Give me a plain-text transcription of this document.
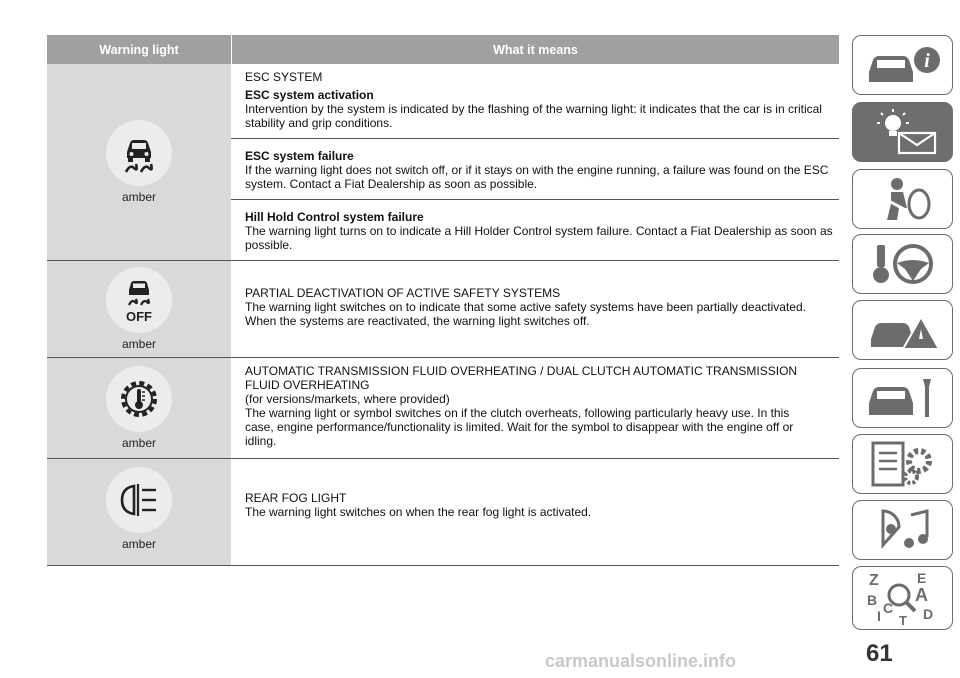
Warning light	What it means
amber
ESC SYSTEM
ESC system activation
Intervention by the system is indicated by the flashing of the warning light: it indicates that the car is in critical stability and grip conditions.
ESC system failure
If the warning light does not switch off, or if it stays on with the engine running, a failure was found on the ESC system. Contact a Fiat Dealership as soon as possible.
Hill Hold Control system failure
The warning light turns on to indicate a Hill Holder Control system failure. Contact a Fiat Dealership as soon as possible.
OFF
amber
PARTIAL DEACTIVATION OF ACTIVE SAFETY SYSTEMS
The warning light switches on to indicate that some active safety systems have been partially deactivated. When the systems are reactivated, the warning light switches off.
amber
AUTOMATIC TRANSMISSION FLUID OVERHEATING / DUAL CLUTCH AUTOMATIC TRANSMISSION FLUID OVERHEATING
(for versions/markets, where provided)
The warning light or symbol switches on if the clutch overheats, following particularly heavy use. In this case, engine performance/functionality is limited. Wait for the symbol to disappear with the engine off or idling.
amber
REAR FOG LIGHT
The warning light switches on when the rear fog light is activated.
i
Z	E
B A
C D
I T
61
carmanualsonline.info
